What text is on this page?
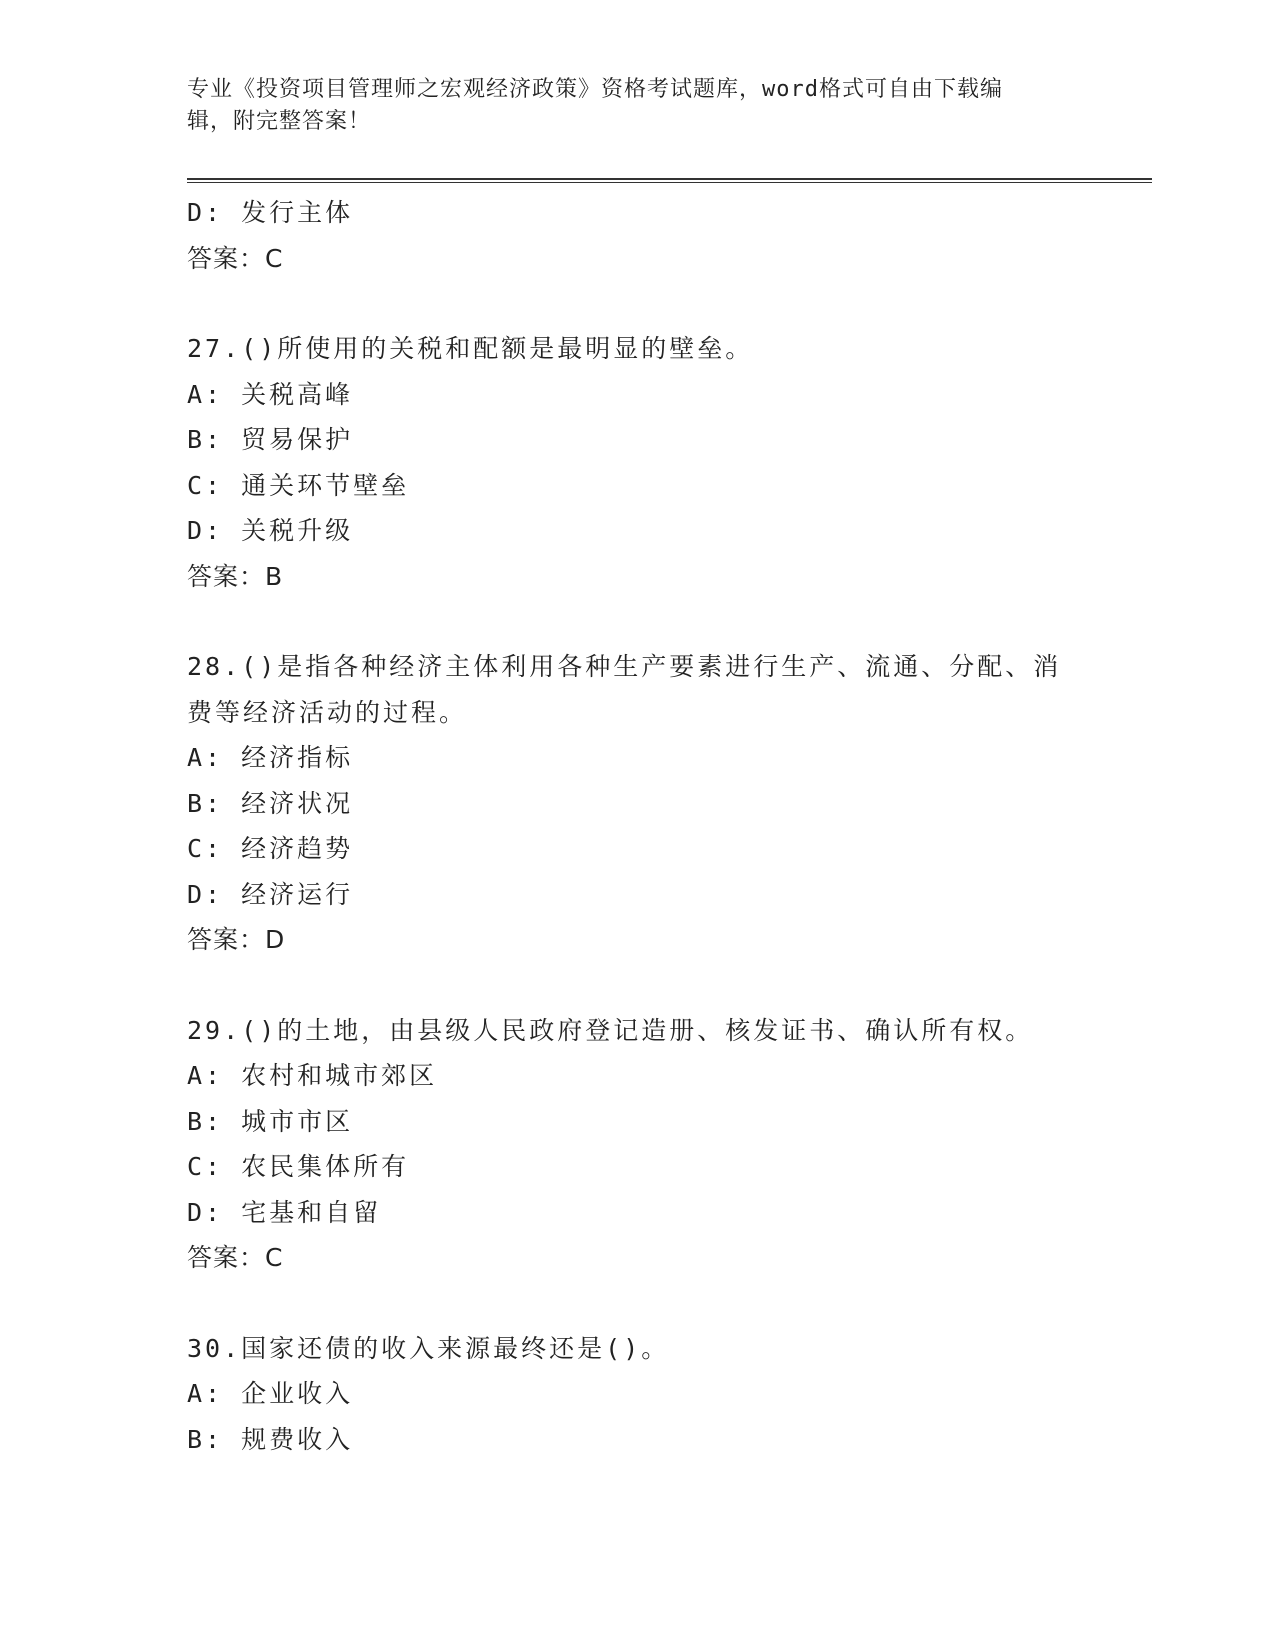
专业《投资项目管理师之宏观经济政策》资格考试题库，word格式可自由下载编
辑，附完整答案！
D: 发行主体
答案：C
27.()所使用的关税和配额是最明显的壁垒。
A: 关税高峰
B: 贸易保护
C: 通关环节壁垒
D: 关税升级
答案：B
28.()是指各种经济主体利用各种生产要素进行生产、流通、分配、消
费等经济活动的过程。
A: 经济指标
B: 经济状况
C: 经济趋势
D: 经济运行
答案：D
29.()的土地，由县级人民政府登记造册、核发证书、确认所有权。
A: 农村和城市郊区
B: 城市市区
C: 农民集体所有
D: 宅基和自留
答案：C
30.国家还债的收入来源最终还是()。
A: 企业收入
B: 规费收入
